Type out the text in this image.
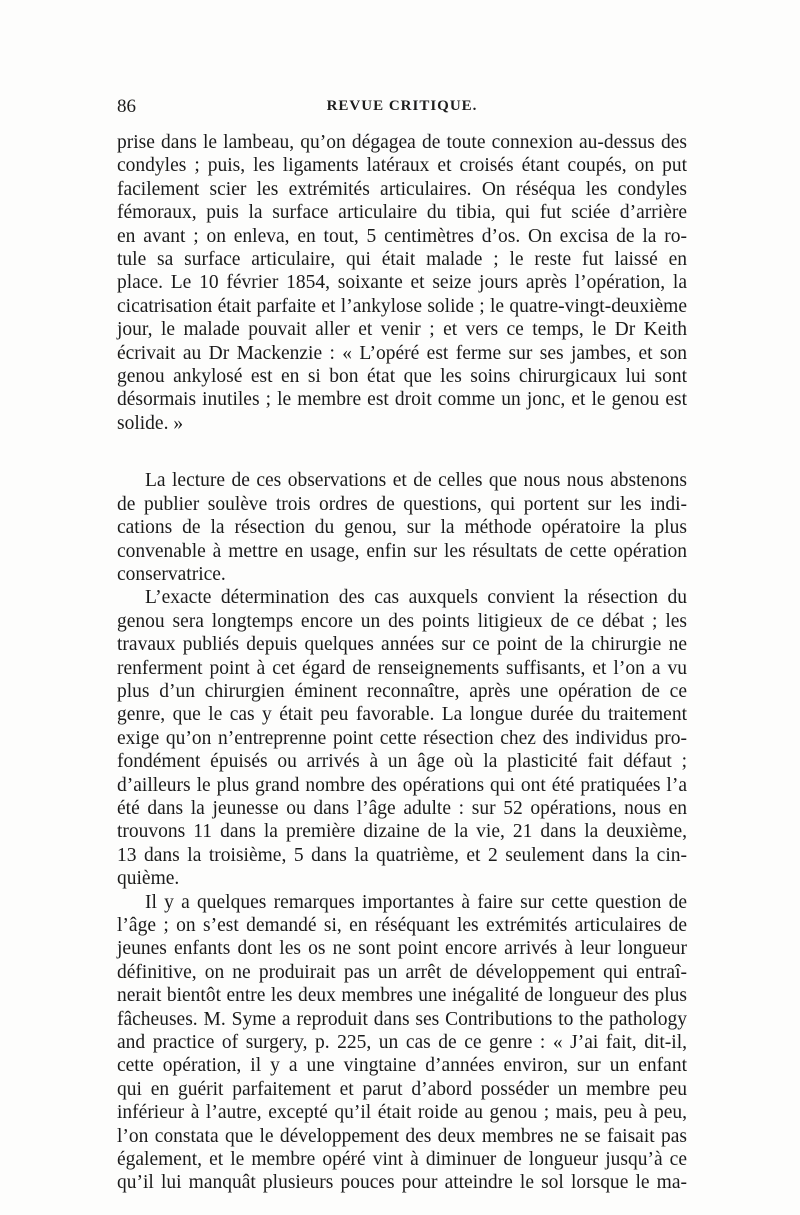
86	REVUE CRITIQUE.

prise dans le lambeau, qu’on dégagea de toute connexion au-dessus des
condyles ; puis, les ligaments latéraux et croisés étant coupés, on put
facilement scier les extrémités articulaires. On réséqua les condyles
fémoraux, puis la surface articulaire du tibia, qui fut sciée d’arrière
en avant ; on enleva, en tout, 5 centimètres d’os. On excisa de la ro-
tule sa surface articulaire, qui était malade ; le reste fut laissé en
place. Le 10 février 1854, soixante et seize jours après l’opération, la
cicatrisation était parfaite et l’ankylose solide ; le quatre-vingt-deuxième
jour, le malade pouvait aller et venir ; et vers ce temps, le Dr Keith
écrivait au Dr Mackenzie : « L’opéré est ferme sur ses jambes, et son
genou ankylosé est en si bon état que les soins chirurgicaux lui sont
désormais inutiles ; le membre est droit comme un jonc, et le genou est
solide. »

La lecture de ces observations et de celles que nous nous abstenons
de publier soulève trois ordres de questions, qui portent sur les indi-
cations de la résection du genou, sur la méthode opératoire la plus
convenable à mettre en usage, enfin sur les résultats de cette opération
conservatrice.

L’exacte détermination des cas auxquels convient la résection du
genou sera longtemps encore un des points litigieux de ce débat ; les
travaux publiés depuis quelques années sur ce point de la chirurgie ne
renferment point à cet égard de renseignements suffisants, et l’on a vu
plus d’un chirurgien éminent reconnaître, après une opération de ce
genre, que le cas y était peu favorable. La longue durée du traitement
exige qu’on n’entreprenne point cette résection chez des individus pro-
fondément épuisés ou arrivés à un âge où la plasticité fait défaut ;
d’ailleurs le plus grand nombre des opérations qui ont été pratiquées l’a
été dans la jeunesse ou dans l’âge adulte : sur 52 opérations, nous en
trouvons 11 dans la première dizaine de la vie, 21 dans la deuxième,
13 dans la troisième, 5 dans la quatrième, et 2 seulement dans la cin-
quième.

Il y a quelques remarques importantes à faire sur cette question de
l’âge ; on s’est demandé si, en réséquant les extrémités articulaires de
jeunes enfants dont les os ne sont point encore arrivés à leur longueur
définitive, on ne produirait pas un arrêt de développement qui entraî-
nerait bientôt entre les deux membres une inégalité de longueur des plus
fâcheuses. M. Syme a reproduit dans ses Contributions to the pathology
and practice of surgery, p. 225, un cas de ce genre : « J’ai fait, dit-il,
cette opération, il y a une vingtaine d’années environ, sur un enfant
qui en guérit parfaitement et parut d’abord posséder un membre peu
inférieur à l’autre, excepté qu’il était roide au genou ; mais, peu à peu,
l’on constata que le développement des deux membres ne se faisait pas
également, et le membre opéré vint à diminuer de longueur jusqu’à ce
qu’il lui manquât plusieurs pouces pour atteindre le sol lorsque le ma-
